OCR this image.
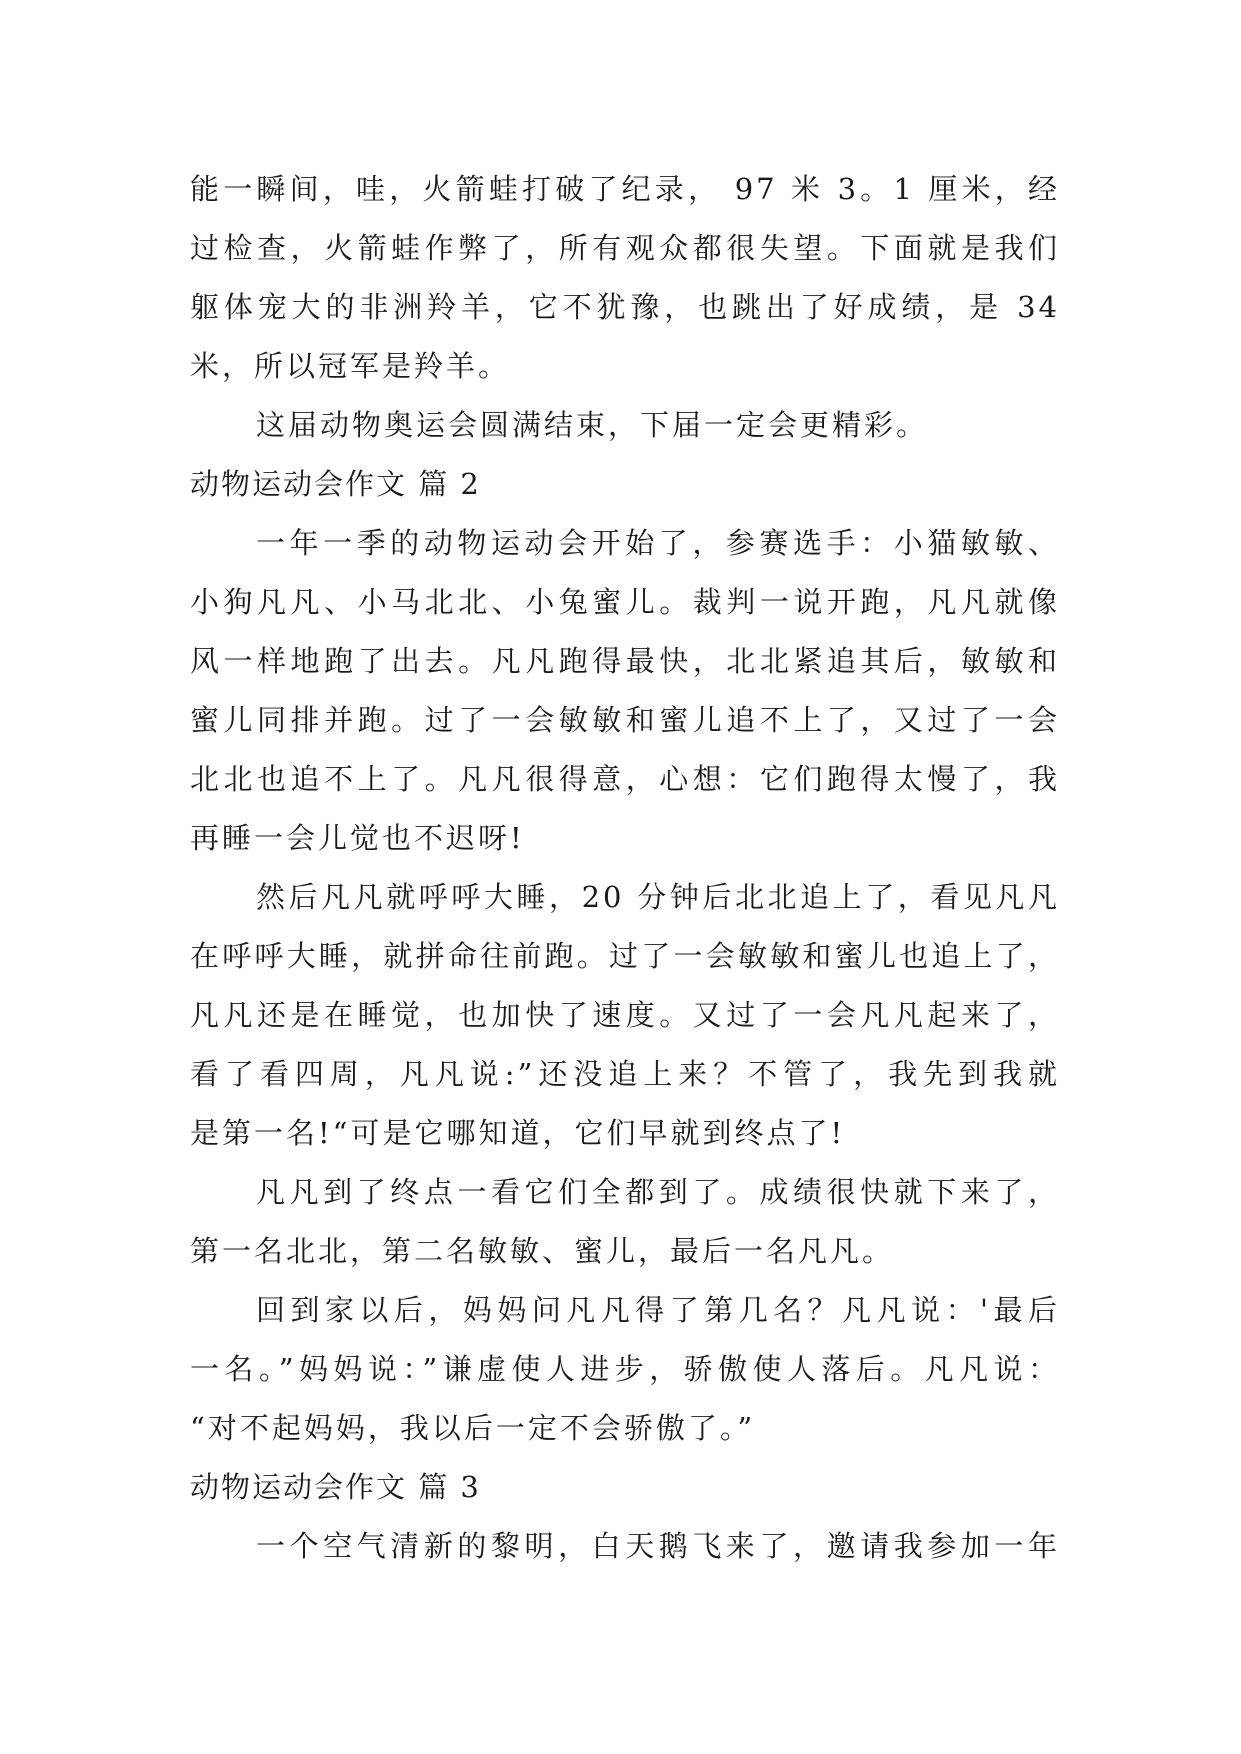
能一瞬间，哇，火箭蛙打破了纪录， 97 米 3。1 厘米，经
过检查，火箭蛙作弊了，所有观众都很失望。下面就是我们
躯体宠大的非洲羚羊，它不犹豫，也跳出了好成绩，是 34
米，所以冠军是羚羊。
这届动物奥运会圆满结束，下届一定会更精彩。
动物运动会作文 篇 2
一年一季的动物运动会开始了，参赛选手：小猫敏敏、
小狗凡凡、小马北北、小兔蜜儿。裁判一说开跑，凡凡就像
风一样地跑了出去。凡凡跑得最快，北北紧追其后，敏敏和
蜜儿同排并跑。过了一会敏敏和蜜儿追不上了，又过了一会
北北也追不上了。凡凡很得意，心想：它们跑得太慢了，我
再睡一会儿觉也不迟呀!
然后凡凡就呼呼大睡，20 分钟后北北追上了，看见凡凡
在呼呼大睡，就拼命往前跑。过了一会敏敏和蜜儿也追上了，
凡凡还是在睡觉，也加快了速度。又过了一会凡凡起来了，
看了看四周，凡凡说:”还没追上来？不管了，我先到我就
是第一名!“可是它哪知道，它们早就到终点了!
凡凡到了终点一看它们全都到了。成绩很快就下来了，
第一名北北，第二名敏敏、蜜儿，最后一名凡凡。
回到家以后，妈妈问凡凡得了第几名？凡凡说：'最后
一名。”妈妈说：”谦虚使人进步，骄傲使人落后。凡凡说：
“对不起妈妈，我以后一定不会骄傲了。”
动物运动会作文 篇 3
一个空气清新的黎明，白天鹅飞来了，邀请我参加一年
